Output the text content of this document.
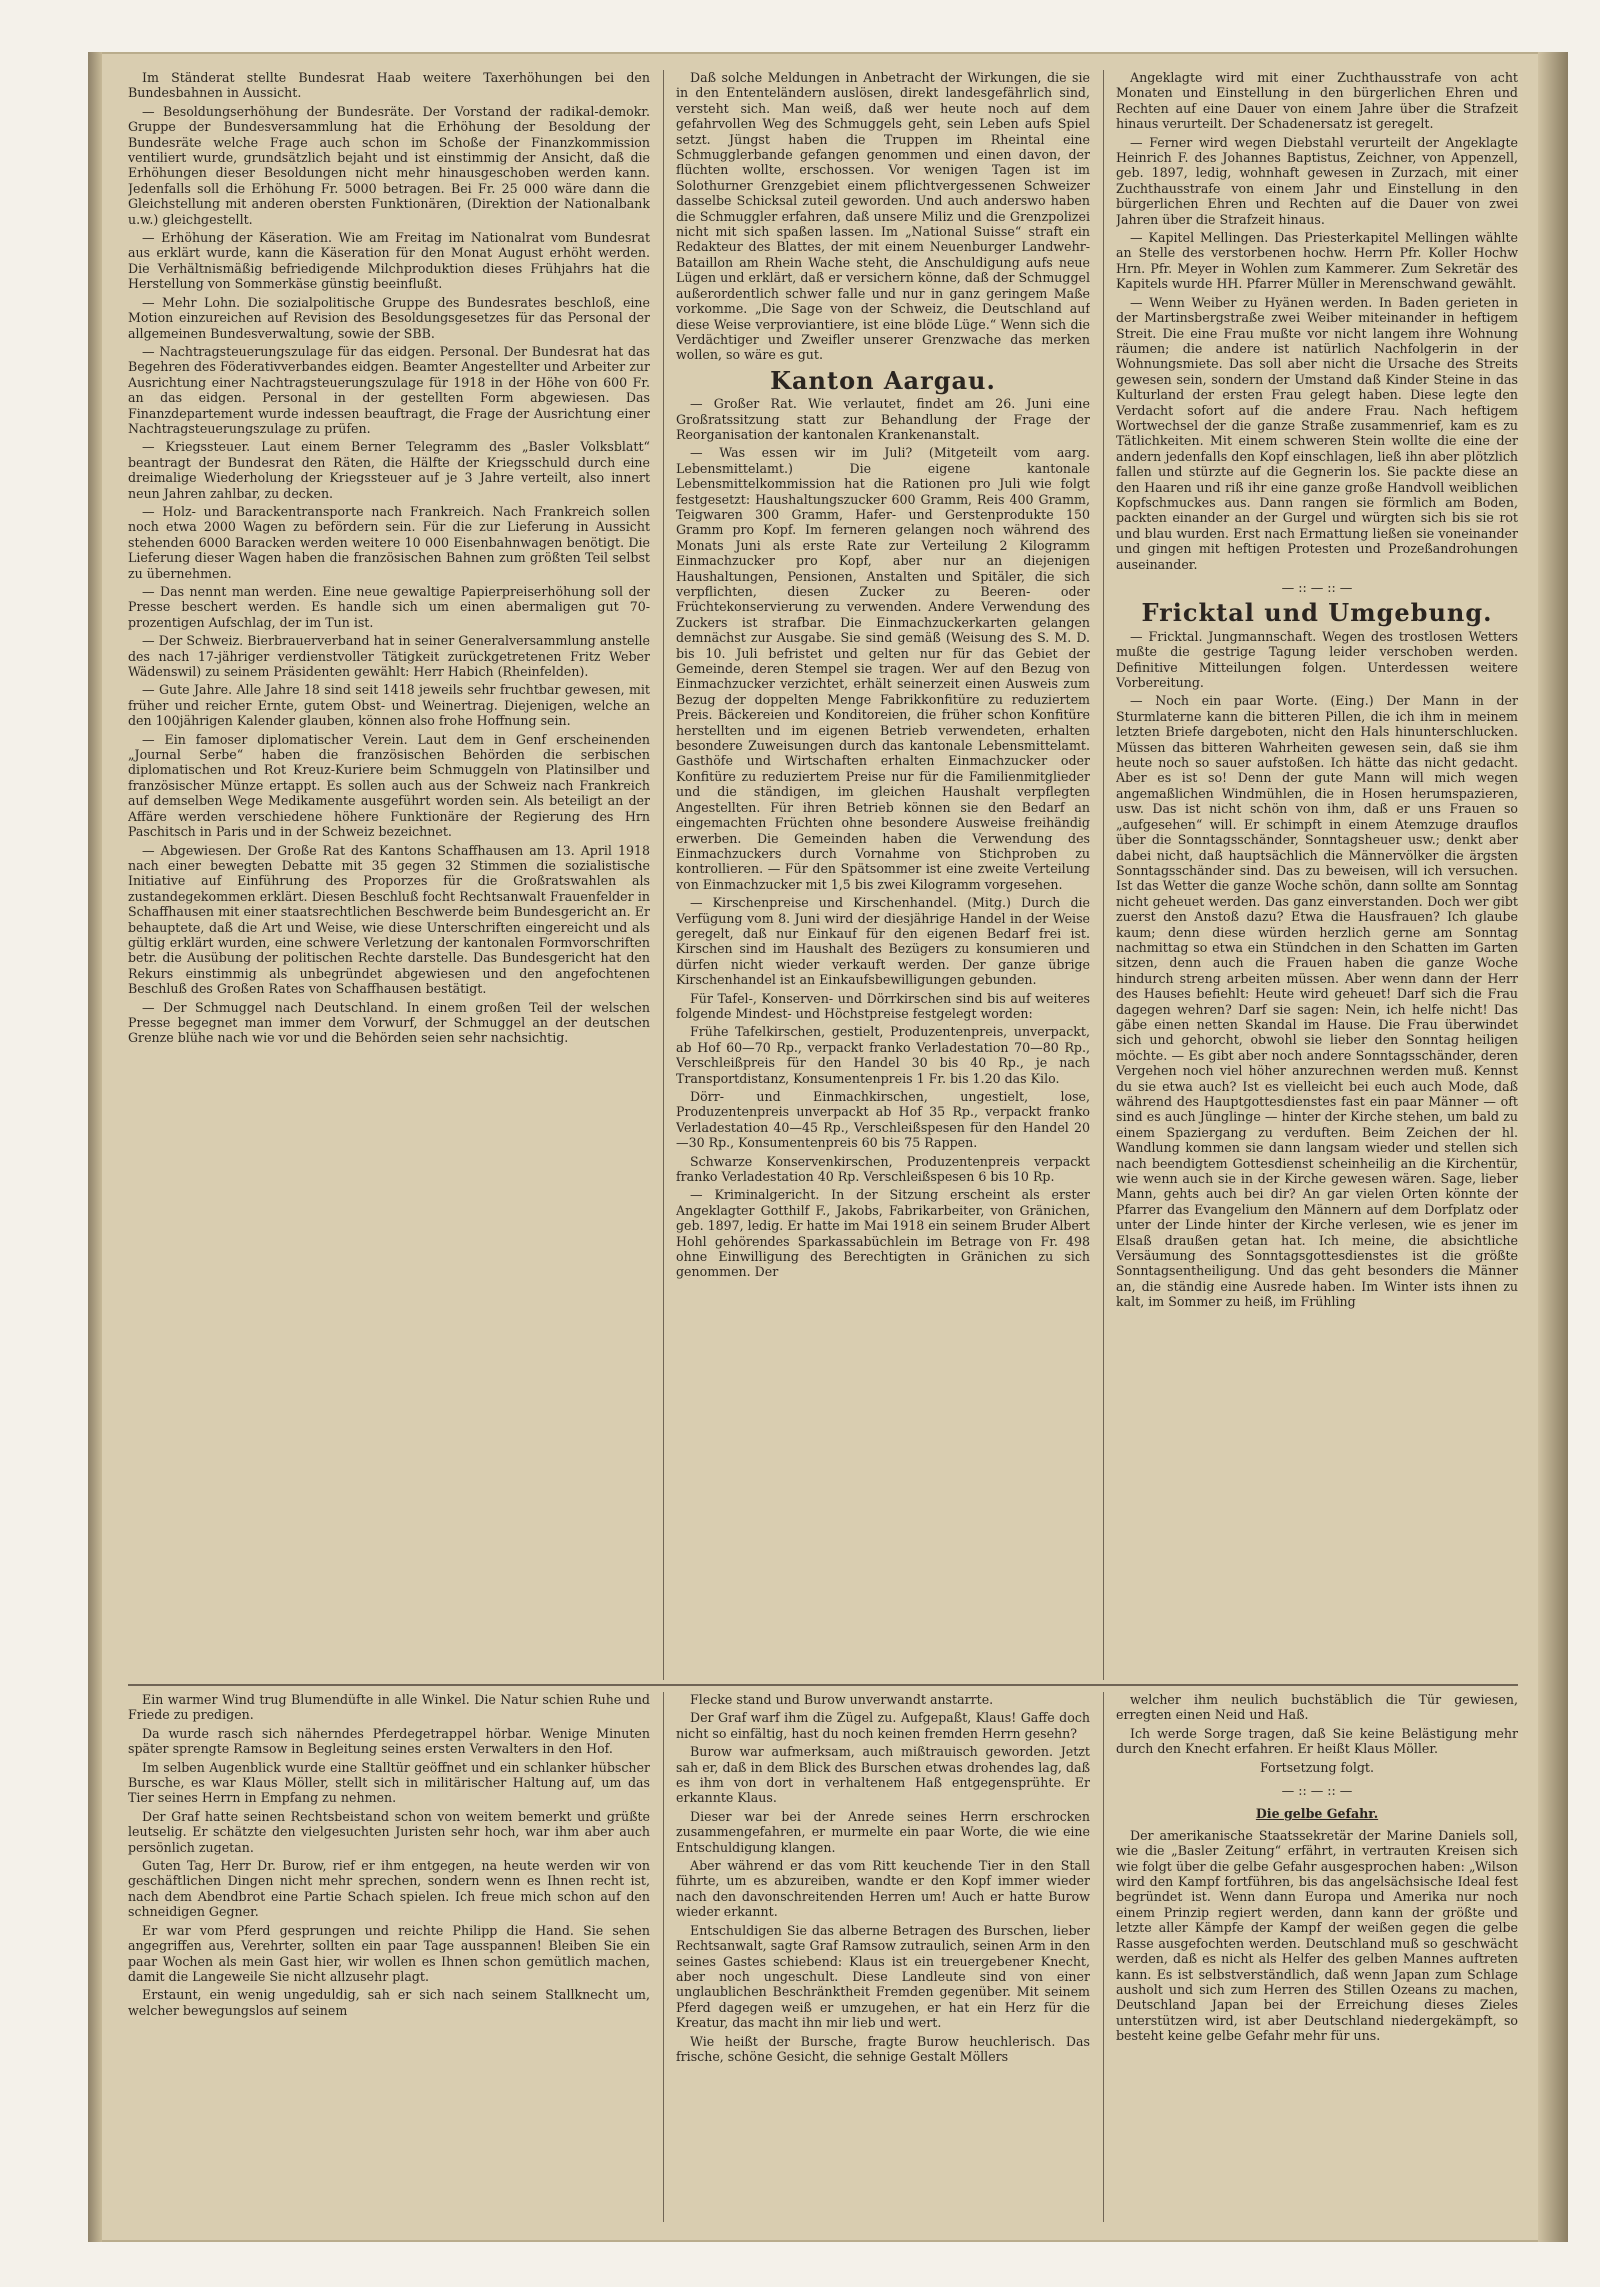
Im Ständerat stellte Bundesrat Haab weitere Taxerhöhungen bei den Bundesbahnen in Aussicht.

— Besoldungserhöhung der Bundesräte. Der Vorstand der radikal-demokr. Gruppe der Bundesversammlung hat die Erhöhung der Besoldung der Bundesräte welche Frage auch schon im Schoße der Finanzkommission ventiliert wurde, grundsätzlich bejaht und ist einstimmig der Ansicht, daß die Erhöhungen dieser Besoldungen nicht mehr hinausgeschoben werden kann. Jedenfalls soll die Erhöhung Fr. 5000 betragen. Bei Fr. 25 000 wäre dann die Gleichstellung mit anderen obersten Funktionären, (Direktion der Nationalbank u.w.) gleichgestellt.

— Erhöhung der Käseration. Wie am Freitag im Nationalrat vom Bundesrat aus erklärt wurde, kann die Käseration für den Monat August erhöht werden. Die Verhältnismäßig befriedigende Milchproduktion dieses Frühjahrs hat die Herstellung von Sommerkäse günstig beeinflußt.

— Mehr Lohn. Die sozialpolitische Gruppe des Bundesrates beschloß, eine Motion einzureichen auf Revision des Besoldungsgesetzes für das Personal der allgemeinen Bundesverwaltung, sowie der SBB.

— Nachtragsteuerungszulage für das eidgen. Personal. Der Bundesrat hat das Begehren des Föderativverbandes eidgen. Beamter Angestellter und Arbeiter zur Ausrichtung einer Nachtragsteuerungszulage für 1918 in der Höhe von 600 Fr. an das eidgen. Personal in der gestellten Form abgewiesen. Das Finanzdepartement wurde indessen beauftragt, die Frage der Ausrichtung einer Nachtragsteuerungszulage zu prüfen.

— Kriegssteuer. Laut einem Berner Telegramm des „Basler Volksblatt“ beantragt der Bundesrat den Räten, die Hälfte der Kriegsschuld durch eine dreimalige Wiederholung der Kriegssteuer auf je 3 Jahre verteilt, also innert neun Jahren zahlbar, zu decken.

— Holz- und Barackentransporte nach Frankreich. Nach Frankreich sollen noch etwa 2000 Wagen zu befördern sein. Für die zur Lieferung in Aussicht stehenden 6000 Baracken werden weitere 10 000 Eisenbahnwagen benötigt. Die Lieferung dieser Wagen haben die französischen Bahnen zum größten Teil selbst zu übernehmen.

— Das nennt man werden. Eine neue gewaltige Papierpreiserhöhung soll der Presse beschert werden. Es handle sich um einen abermaligen gut 70-prozentigen Aufschlag, der im Tun ist.

— Der Schweiz. Bierbrauerverband hat in seiner Generalversammlung anstelle des nach 17-jähriger verdienstvoller Tätigkeit zurückgetretenen Fritz Weber Wädenswil) zu seinem Präsidenten gewählt: Herr Habich (Rheinfelden).

— Gute Jahre. Alle Jahre 18 sind seit 1418 jeweils sehr fruchtbar gewesen, mit früher und reicher Ernte, gutem Obst- und Weinertrag. Diejenigen, welche an den 100jährigen Kalender glauben, können also frohe Hoffnung sein.

— Ein famoser diplomatischer Verein. Laut dem in Genf erscheinenden „Journal Serbe“ haben die französischen Behörden die serbischen diplomatischen und Rot Kreuz-Kuriere beim Schmuggeln von Platinsilber und französischer Münze ertappt. Es sollen auch aus der Schweiz nach Frankreich auf demselben Wege Medikamente ausgeführt worden sein. Als beteiligt an der Affäre werden verschiedene höhere Funktionäre der Regierung des Hrn Paschitsch in Paris und in der Schweiz bezeichnet.

— Abgewiesen. Der Große Rat des Kantons Schaffhausen am 13. April 1918 nach einer bewegten Debatte mit 35 gegen 32 Stimmen die sozialistische Initiative auf Einführung des Proporzes für die Großratswahlen als zustandegekommen erklärt. Diesen Beschluß focht Rechtsanwalt Frauenfelder in Schaffhausen mit einer staatsrechtlichen Beschwerde beim Bundesgericht an. Er behauptete, daß die Art und Weise, wie diese Unterschriften eingereicht und als gültig erklärt wurden, eine schwere Verletzung der kantonalen Formvorschriften betr. die Ausübung der politischen Rechte darstelle. Das Bundesgericht hat den Rekurs einstimmig als unbegründet abgewiesen und den angefochtenen Beschluß des Großen Rates von Schaffhausen bestätigt.

— Der Schmuggel nach Deutschland. In einem großen Teil der welschen Presse begegnet man immer dem Vorwurf, der Schmuggel an der deutschen Grenze blühe nach wie vor und die Behörden seien sehr nachsichtig.

Daß solche Meldungen in Anbetracht der Wirkungen, die sie in den Ententeländern auslösen, direkt landesgefährlich sind, versteht sich. Man weiß, daß wer heute noch auf dem gefahrvollen Weg des Schmuggels geht, sein Leben aufs Spiel setzt. Jüngst haben die Truppen im Rheintal eine Schmugglerbande gefangen genommen und einen davon, der flüchten wollte, erschossen. Vor wenigen Tagen ist im Solothurner Grenzgebiet einem pflichtvergessenen Schweizer dasselbe Schicksal zuteil geworden. Und auch anderswo haben die Schmuggler erfahren, daß unsere Miliz und die Grenzpolizei nicht mit sich spaßen lassen. Im „National Suisse“ straft ein Redakteur des Blattes, der mit einem Neuenburger Landwehr-Bataillon am Rhein Wache steht, die Anschuldigung aufs neue Lügen und erklärt, daß er versichern könne, daß der Schmuggel außerordentlich schwer falle und nur in ganz geringem Maße vorkomme. „Die Sage von der Schweiz, die Deutschland auf diese Weise verproviantiere, ist eine blöde Lüge.“ Wenn sich die Verdächtiger und Zweifler unserer Grenzwache das merken wollen, so wäre es gut.

Kanton Aargau.

— Großer Rat. Wie verlautet, findet am 26. Juni eine Großratssitzung statt zur Behandlung der Frage der Reorganisation der kantonalen Krankenanstalt.

— Was essen wir im Juli? (Mitgeteilt vom aarg. Lebensmittelamt.) Die eigene kantonale Lebensmittelkommission hat die Rationen pro Juli wie folgt festgesetzt: Haushaltungszucker 600 Gramm, Reis 400 Gramm, Teigwaren 300 Gramm, Hafer- und Gerstenprodukte 150 Gramm pro Kopf. Im ferneren gelangen noch während des Monats Juni als erste Rate zur Verteilung 2 Kilogramm Einmachzucker pro Kopf, aber nur an diejenigen Haushaltungen, Pensionen, Anstalten und Spitäler, die sich verpflichten, diesen Zucker zu Beeren- oder Früchtekonservierung zu verwenden. Andere Verwendung des Zuckers ist strafbar. Die Einmachzuckerkarten gelangen demnächst zur Ausgabe. Sie sind gemäß (Weisung des S. M. D. bis 10. Juli befristet und gelten nur für das Gebiet der Gemeinde, deren Stempel sie tragen. Wer auf den Bezug von Einmachzucker verzichtet, erhält seinerzeit einen Ausweis zum Bezug der doppelten Menge Fabrikkonfitüre zu reduziertem Preis. Bäckereien und Konditoreien, die früher schon Konfitüre herstellten und im eigenen Betrieb verwendeten, erhalten besondere Zuweisungen durch das kantonale Lebensmittelamt. Gasthöfe und Wirtschaften erhalten Einmachzucker oder Konfitüre zu reduziertem Preise nur für die Familienmitglieder und die ständigen, im gleichen Haushalt verpflegten Angestellten. Für ihren Betrieb können sie den Bedarf an eingemachten Früchten ohne besondere Ausweise freihändig erwerben. Die Gemeinden haben die Verwendung des Einmachzuckers durch Vornahme von Stichproben zu kontrollieren. — Für den Spätsommer ist eine zweite Verteilung von Einmachzucker mit 1,5 bis zwei Kilogramm vorgesehen.

— Kirschenpreise und Kirschenhandel. (Mitg.) Durch die Verfügung vom 8. Juni wird der diesjährige Handel in der Weise geregelt, daß nur Einkauf für den eigenen Bedarf frei ist. Kirschen sind im Haushalt des Bezügers zu konsumieren und dürfen nicht wieder verkauft werden. Der ganze übrige Kirschenhandel ist an Einkaufsbewilligungen gebunden.

Für Tafel-, Konserven- und Dörrkirschen sind bis auf weiteres folgende Mindest- und Höchstpreise festgelegt worden:

Frühe Tafelkirschen, gestielt, Produzentenpreis, unverpackt, ab Hof 60—70 Rp., verpackt franko Verladestation 70—80 Rp., Verschleißpreis für den Handel 30 bis 40 Rp., je nach Transportdistanz, Konsumentenpreis 1 Fr. bis 1.20 das Kilo.

Dörr- und Einmachkirschen, ungestielt, lose, Produzentenpreis unverpackt ab Hof 35 Rp., verpackt franko Verladestation 40—45 Rp., Verschleißspesen für den Handel 20—30 Rp., Konsumentenpreis 60 bis 75 Rappen.

Schwarze Konservenkirschen, Produzentenpreis verpackt franko Verladestation 40 Rp. Verschleißspesen 6 bis 10 Rp.

— Kriminalgericht. In der Sitzung erscheint als erster Angeklagter Gotthilf F., Jakobs, Fabrikarbeiter, von Gränichen, geb. 1897, ledig. Er hatte im Mai 1918 ein seinem Bruder Albert Hohl gehörendes Sparkassabüchlein im Betrage von Fr. 498 ohne Einwilligung des Berechtigten in Gränichen zu sich genommen. Der

Angeklagte wird mit einer Zuchthausstrafe von acht Monaten und Einstellung in den bürgerlichen Ehren und Rechten auf eine Dauer von einem Jahre über die Strafzeit hinaus verurteilt. Der Schadenersatz ist geregelt.

— Ferner wird wegen Diebstahl verurteilt der Angeklagte Heinrich F. des Johannes Baptistus, Zeichner, von Appenzell, geb. 1897, ledig, wohnhaft gewesen in Zurzach, mit einer Zuchthausstrafe von einem Jahr und Einstellung in den bürgerlichen Ehren und Rechten auf die Dauer von zwei Jahren über die Strafzeit hinaus.

— Kapitel Mellingen. Das Priesterkapitel Mellingen wählte an Stelle des verstorbenen hochw. Herrn Pfr. Koller Hochw Hrn. Pfr. Meyer in Wohlen zum Kammerer. Zum Sekretär des Kapitels wurde HH. Pfarrer Müller in Merenschwand gewählt.

— Wenn Weiber zu Hyänen werden. In Baden gerieten in der Martinsbergstraße zwei Weiber miteinander in heftigem Streit. Die eine Frau mußte vor nicht langem ihre Wohnung räumen; die andere ist natürlich Nachfolgerin in der Wohnungsmiete. Das soll aber nicht die Ursache des Streits gewesen sein, sondern der Umstand daß Kinder Steine in das Kulturland der ersten Frau gelegt haben. Diese legte den Verdacht sofort auf die andere Frau. Nach heftigem Wortwechsel der die ganze Straße zusammenrief, kam es zu Tätlichkeiten. Mit einem schweren Stein wollte die eine der andern jedenfalls den Kopf einschlagen, ließ ihn aber plötzlich fallen und stürzte auf die Gegnerin los. Sie packte diese an den Haaren und riß ihr eine ganze große Handvoll weiblichen Kopfschmuckes aus. Dann rangen sie förmlich am Boden, packten einander an der Gurgel und würgten sich bis sie rot und blau wurden. Erst nach Ermattung ließen sie voneinander und gingen mit heftigen Protesten und Prozeßandrohungen auseinander.

— :: — :: —
Fricktal und Umgebung.

— Fricktal. Jungmannschaft. Wegen des trostlosen Wetters mußte die gestrige Tagung leider verschoben werden. Definitive Mitteilungen folgen. Unterdessen weitere Vorbereitung.

— Noch ein paar Worte. (Eing.) Der Mann in der Sturmlaterne kann die bitteren Pillen, die ich ihm in meinem letzten Briefe dargeboten, nicht den Hals hinunterschlucken. Müssen das bitteren Wahrheiten gewesen sein, daß sie ihm heute noch so sauer aufstoßen. Ich hätte das nicht gedacht. Aber es ist so! Denn der gute Mann will mich wegen angemaßlichen Windmühlen, die in Hosen herumspazieren, usw. Das ist nicht schön von ihm, daß er uns Frauen so „aufgesehen“ will. Er schimpft in einem Atemzuge drauflos über die Sonntagsschänder, Sonntagsheuer usw.; denkt aber dabei nicht, daß hauptsächlich die Männervölker die ärgsten Sonntagsschänder sind. Das zu beweisen, will ich versuchen. Ist das Wetter die ganze Woche schön, dann sollte am Sonntag nicht geheuet werden. Das ganz einverstanden. Doch wer gibt zuerst den Anstoß dazu? Etwa die Hausfrauen? Ich glaube kaum; denn diese würden herzlich gerne am Sonntag nachmittag so etwa ein Stündchen in den Schatten im Garten sitzen, denn auch die Frauen haben die ganze Woche hindurch streng arbeiten müssen. Aber wenn dann der Herr des Hauses befiehlt: Heute wird geheuet! Darf sich die Frau dagegen wehren? Darf sie sagen: Nein, ich helfe nicht! Das gäbe einen netten Skandal im Hause. Die Frau überwindet sich und gehorcht, obwohl sie lieber den Sonntag heiligen möchte. — Es gibt aber noch andere Sonntagsschänder, deren Vergehen noch viel höher anzurechnen werden muß. Kennst du sie etwa auch? Ist es vielleicht bei euch auch Mode, daß während des Hauptgottesdienstes fast ein paar Männer — oft sind es auch Jünglinge — hinter der Kirche stehen, um bald zu einem Spaziergang zu verduften. Beim Zeichen der hl. Wandlung kommen sie dann langsam wieder und stellen sich nach beendigtem Gottesdienst scheinheilig an die Kirchentür, wie wenn auch sie in der Kirche gewesen wären. Sage, lieber Mann, gehts auch bei dir? An gar vielen Orten könnte der Pfarrer das Evangelium den Männern auf dem Dorfplatz oder unter der Linde hinter der Kirche verlesen, wie es jener im Elsaß draußen getan hat. Ich meine, die absichtliche Versäumung des Sonntagsgottesdienstes ist die größte Sonntagsentheiligung. Und das geht besonders die Männer an, die ständig eine Ausrede haben. Im Winter ists ihnen zu kalt, im Sommer zu heiß, im Frühling

Ein warmer Wind trug Blumendüfte in alle Winkel. Die Natur schien Ruhe und Friede zu predigen.

Da wurde rasch sich näherndes Pferdegetrappel hörbar. Wenige Minuten später sprengte Ramsow in Begleitung seines ersten Verwalters in den Hof.

Im selben Augenblick wurde eine Stalltür geöffnet und ein schlanker hübscher Bursche, es war Klaus Möller, stellt sich in militärischer Haltung auf, um das Tier seines Herrn in Empfang zu nehmen.

Der Graf hatte seinen Rechtsbeistand schon von weitem bemerkt und grüßte leutselig. Er schätzte den vielgesuchten Juristen sehr hoch, war ihm aber auch persönlich zugetan.

Guten Tag, Herr Dr. Burow, rief er ihm entgegen, na heute werden wir von geschäftlichen Dingen nicht mehr sprechen, sondern wenn es Ihnen recht ist, nach dem Abendbrot eine Partie Schach spielen. Ich freue mich schon auf den schneidigen Gegner.

Er war vom Pferd gesprungen und reichte Philipp die Hand. Sie sehen angegriffen aus, Verehrter, sollten ein paar Tage ausspannen! Bleiben Sie ein paar Wochen als mein Gast hier, wir wollen es Ihnen schon gemütlich machen, damit die Langeweile Sie nicht allzusehr plagt.

Erstaunt, ein wenig ungeduldig, sah er sich nach seinem Stallknecht um, welcher bewegungslos auf seinem

Flecke stand und Burow unverwandt anstarrte.

Der Graf warf ihm die Zügel zu. Aufgepaßt, Klaus! Gaffe doch nicht so einfältig, hast du noch keinen fremden Herrn gesehn?

Burow war aufmerksam, auch mißtrauisch geworden. Jetzt sah er, daß in dem Blick des Burschen etwas drohendes lag, daß es ihm von dort in verhaltenem Haß entgegensprühte. Er erkannte Klaus.

Dieser war bei der Anrede seines Herrn erschrocken zusammengefahren, er murmelte ein paar Worte, die wie eine Entschuldigung klangen.

Aber während er das vom Ritt keuchende Tier in den Stall führte, um es abzureiben, wandte er den Kopf immer wieder nach den davonschreitenden Herren um! Auch er hatte Burow wieder erkannt.

Entschuldigen Sie das alberne Betragen des Burschen, lieber Rechtsanwalt, sagte Graf Ramsow zutraulich, seinen Arm in den seines Gastes schiebend: Klaus ist ein treuergebener Knecht, aber noch ungeschult. Diese Landleute sind von einer unglaublichen Beschränktheit Fremden gegenüber. Mit seinem Pferd dagegen weiß er umzugehen, er hat ein Herz für die Kreatur, das macht ihn mir lieb und wert.

Wie heißt der Bursche, fragte Burow heuchlerisch. Das frische, schöne Gesicht, die sehnige Gestalt Möllers

welcher ihm neulich buchstäblich die Tür gewiesen, erregten einen Neid und Haß.

Ich werde Sorge tragen, daß Sie keine Belästigung mehr durch den Knecht erfahren. Er heißt Klaus Möller.

Fortsetzung folgt.
— :: — :: —
Die gelbe Gefahr.

Der amerikanische Staatssekretär der Marine Daniels soll, wie die „Basler Zeitung“ erfährt, in vertrauten Kreisen sich wie folgt über die gelbe Gefahr ausgesprochen haben: „Wilson wird den Kampf fortführen, bis das angelsächsische Ideal fest begründet ist. Wenn dann Europa und Amerika nur noch einem Prinzip regiert werden, dann kann der größte und letzte aller Kämpfe der Kampf der weißen gegen die gelbe Rasse ausgefochten werden. Deutschland muß so geschwächt werden, daß es nicht als Helfer des gelben Mannes auftreten kann. Es ist selbstverständlich, daß wenn Japan zum Schlage ausholt und sich zum Herren des Stillen Ozeans zu machen, Deutschland Japan bei der Erreichung dieses Zieles unterstützen wird, ist aber Deutschland niedergekämpft, so besteht keine gelbe Gefahr mehr für uns.
